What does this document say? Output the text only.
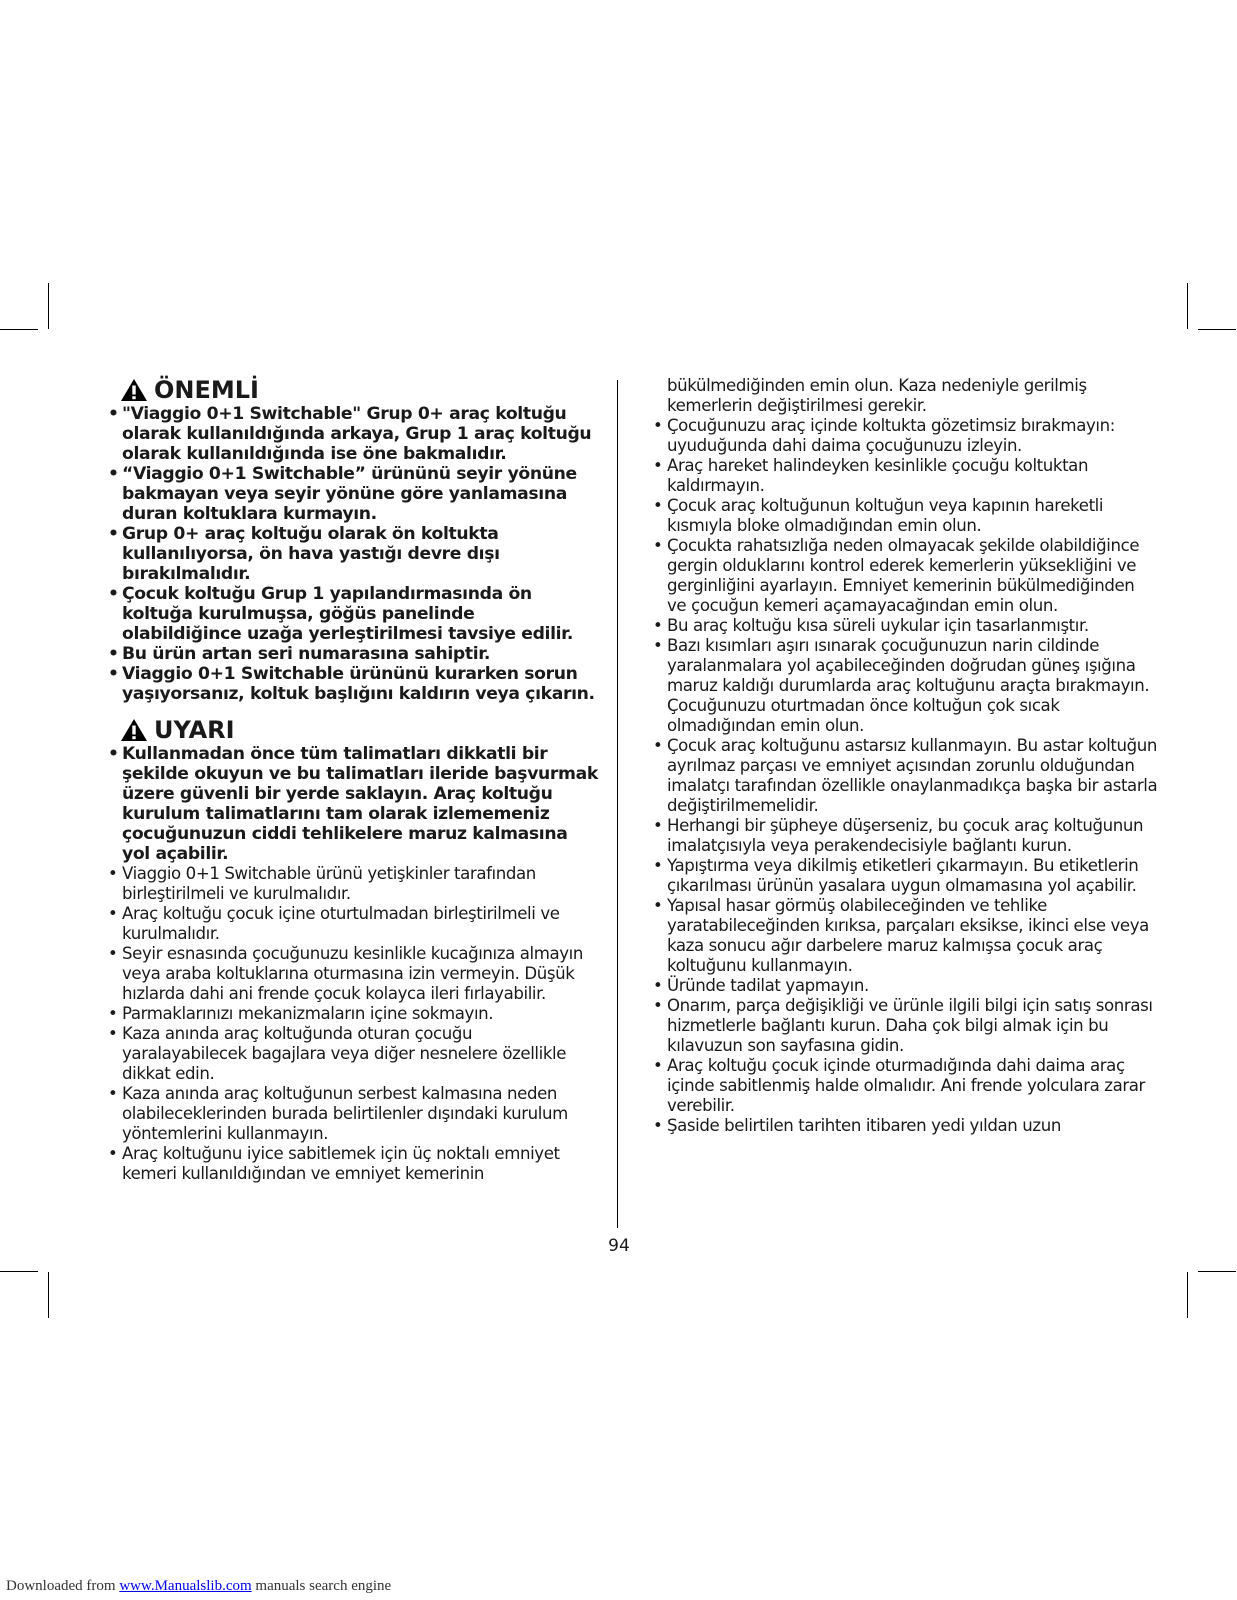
ÖNEMLİ
• "Viaggio 0+1 Switchable" Grup 0+ araç koltuğu olarak kullanıldığında arkaya, Grup 1 araç koltuğu olarak kullanıldığında ise öne bakmalıdır.
• “Viaggio 0+1 Switchable” ürününü seyir yönüne bakmayan veya seyir yönüne göre yanlamasına duran koltuklara kurmayın.
• Grup 0+ araç koltuğu olarak ön koltukta kullanılıyorsa, ön hava yastığı devre dışı bırakılmalıdır.
• Çocuk koltuğu Grup 1 yapılandırmasında ön koltuğa kurulmuşsa, göğüs panelinde olabildiğince uzağa yerleştirilmesi tavsiye edilir.
• Bu ürün artan seri numarasına sahiptir.
• Viaggio 0+1 Switchable ürününü kurarken sorun yaşıyorsanız, koltuk başlığını kaldırın veya çıkarın.
UYARI
• Kullanmadan önce tüm talimatları dikkatli bir şekilde okuyun ve bu talimatları ileride başvurmak üzere güvenli bir yerde saklayın. Araç koltuğu kurulum talimatlarını tam olarak izlememeniz çocuğunuzun ciddi tehlikelere maruz kalmasına yol açabilir.
• Viaggio 0+1 Switchable ürünü yetişkinler tarafından birleştirilmeli ve kurulmalıdır.
• Araç koltuğu çocuk içine oturtulmadan birleştirilmeli ve kurulmalıdır.
• Seyir esnasında çocuğunuzu kesinlikle kucağınıza almayın veya araba koltuklarına oturmasına izin vermeyin. Düşük hızlarda dahi ani frende çocuk kolayca ileri fırlayabilir.
• Parmaklarınızı mekanizmaların içine sokmayın.
• Kaza anında araç koltuğunda oturan çocuğu yaralayabilecek bagajlara veya diğer nesnelere özellikle dikkat edin.
• Kaza anında araç koltuğunun serbest kalmasına neden olabileceklerinden burada belirtilenler dışındaki kurulum yöntemlerini kullanmayın.
• Araç koltuğunu iyice sabitlemek için üç noktalı emniyet kemeri kullanıldığından ve emniyet kemerinin
bükülmediğinden emin olun. Kaza nedeniyle gerilmiş kemerlerin değiştirilmesi gerekir.
• Çocuğunuzu araç içinde koltukta gözetimsiz bırakmayın: uyuduğunda dahi daima çocuğunuzu izleyin.
• Araç hareket halindeyken kesinlikle çocuğu koltuktan kaldırmayın.
• Çocuk araç koltuğunun koltuğun veya kapının hareketli kısmıyla bloke olmadığından emin olun.
• Çocukta rahatsızlığa neden olmayacak şekilde olabildiğince gergin olduklarını kontrol ederek kemerlerin yüksekliğini ve gerginliğini ayarlayın. Emniyet kemerinin bükülmediğinden ve çocuğun kemeri açamayacağından emin olun.
• Bu araç koltuğu kısa süreli uykular için tasarlanmıştır.
• Bazı kısımları aşırı ısınarak çocuğunuzun narin cildinde yaralanmalara yol açabileceğinden doğrudan güneş ışığına maruz kaldığı durumlarda araç koltuğunu araçta bırakmayın. Çocuğunuzu oturtmadan önce koltuğun çok sıcak olmadığından emin olun.
• Çocuk araç koltuğunu astarsız kullanmayın. Bu astar koltuğun ayrılmaz parçası ve emniyet açısından zorunlu olduğundan imalatçı tarafından özellikle onaylanmadıkça başka bir astarla değiştirilmemelidir.
• Herhangi bir şüpheye düşerseniz, bu çocuk araç koltuğunun imalatçısıyla veya perakendecisiyle bağlantı kurun.
• Yapıştırma veya dikilmiş etiketleri çıkarmayın. Bu etiketlerin çıkarılması ürünün yasalara uygun olmamasına yol açabilir.
• Yapısal hasar görmüş olabileceğinden ve tehlike yaratabileceğinden kırıksa, parçaları eksikse, ikinci else veya kaza sonucu ağır darbelere maruz kalmışsa çocuk araç koltuğunu kullanmayın.
• Üründe tadilat yapmayın.
• Onarım, parça değişikliği ve ürünle ilgili bilgi için satış sonrası hizmetlerle bağlantı kurun. Daha çok bilgi almak için bu kılavuzun son sayfasına gidin.
• Araç koltuğu çocuk içinde oturmadığında dahi daima araç içinde sabitlenmiş halde olmalıdır. Ani frende yolculara zarar verebilir.
• Şaside belirtilen tarihten itibaren yedi yıldan uzun
94
Downloaded from www.Manualslib.com manuals search engine
